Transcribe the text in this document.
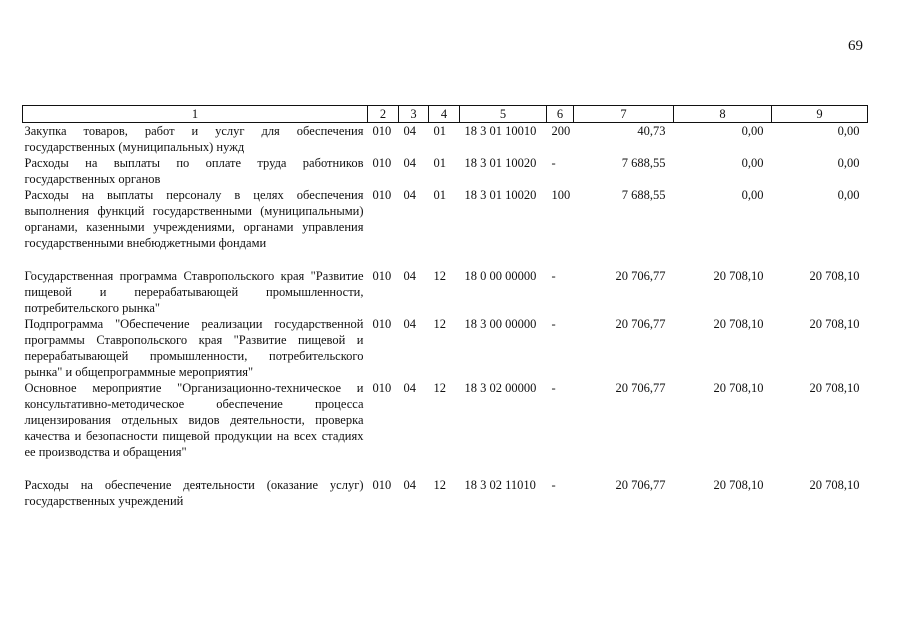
69
1	2	3	4	5	6	7	8	9
Закупка товаров, работ и услуг для обеспечения государственных (муниципальных) нужд	010	04	01	18 3 01 10010	200	40,73	0,00	0,00
Расходы на выплаты по оплате труда работников государственных органов	010	04	01	18 3 01 10020	-	7 688,55	0,00	0,00
Расходы на выплаты персоналу в целях обеспечения выполнения функций государственными (муниципальными) органами, казенными учреждениями, органами управления государственными внебюджетными фондами	010	04	01	18 3 01 10020	100	7 688,55	0,00	0,00

Государственная программа Ставропольского края "Развитие пищевой и перерабатывающей промышленности, потребительского рынка"	010	04	12	18 0 00 00000	-	20 706,77	20 708,10	20 708,10
Подпрограмма "Обеспечение реализации государственной программы Ставропольского края "Развитие пищевой и перерабатывающей промышленности, потребительского рынка" и общепрограммные мероприятия"	010	04	12	18 3 00 00000	-	20 706,77	20 708,10	20 708,10
Основное мероприятие "Организационно-техническое и консультативно-методическое обеспечение процесса лицензирования отдельных видов деятельности, проверка качества и безопасности пищевой продукции на всех стадиях ее производства и обращения"	010	04	12	18 3 02 00000	-	20 706,77	20 708,10	20 708,10

Расходы на обеспечение деятельности (оказание услуг) государственных учреждений	010	04	12	18 3 02 11010	-	20 706,77	20 708,10	20 708,10
